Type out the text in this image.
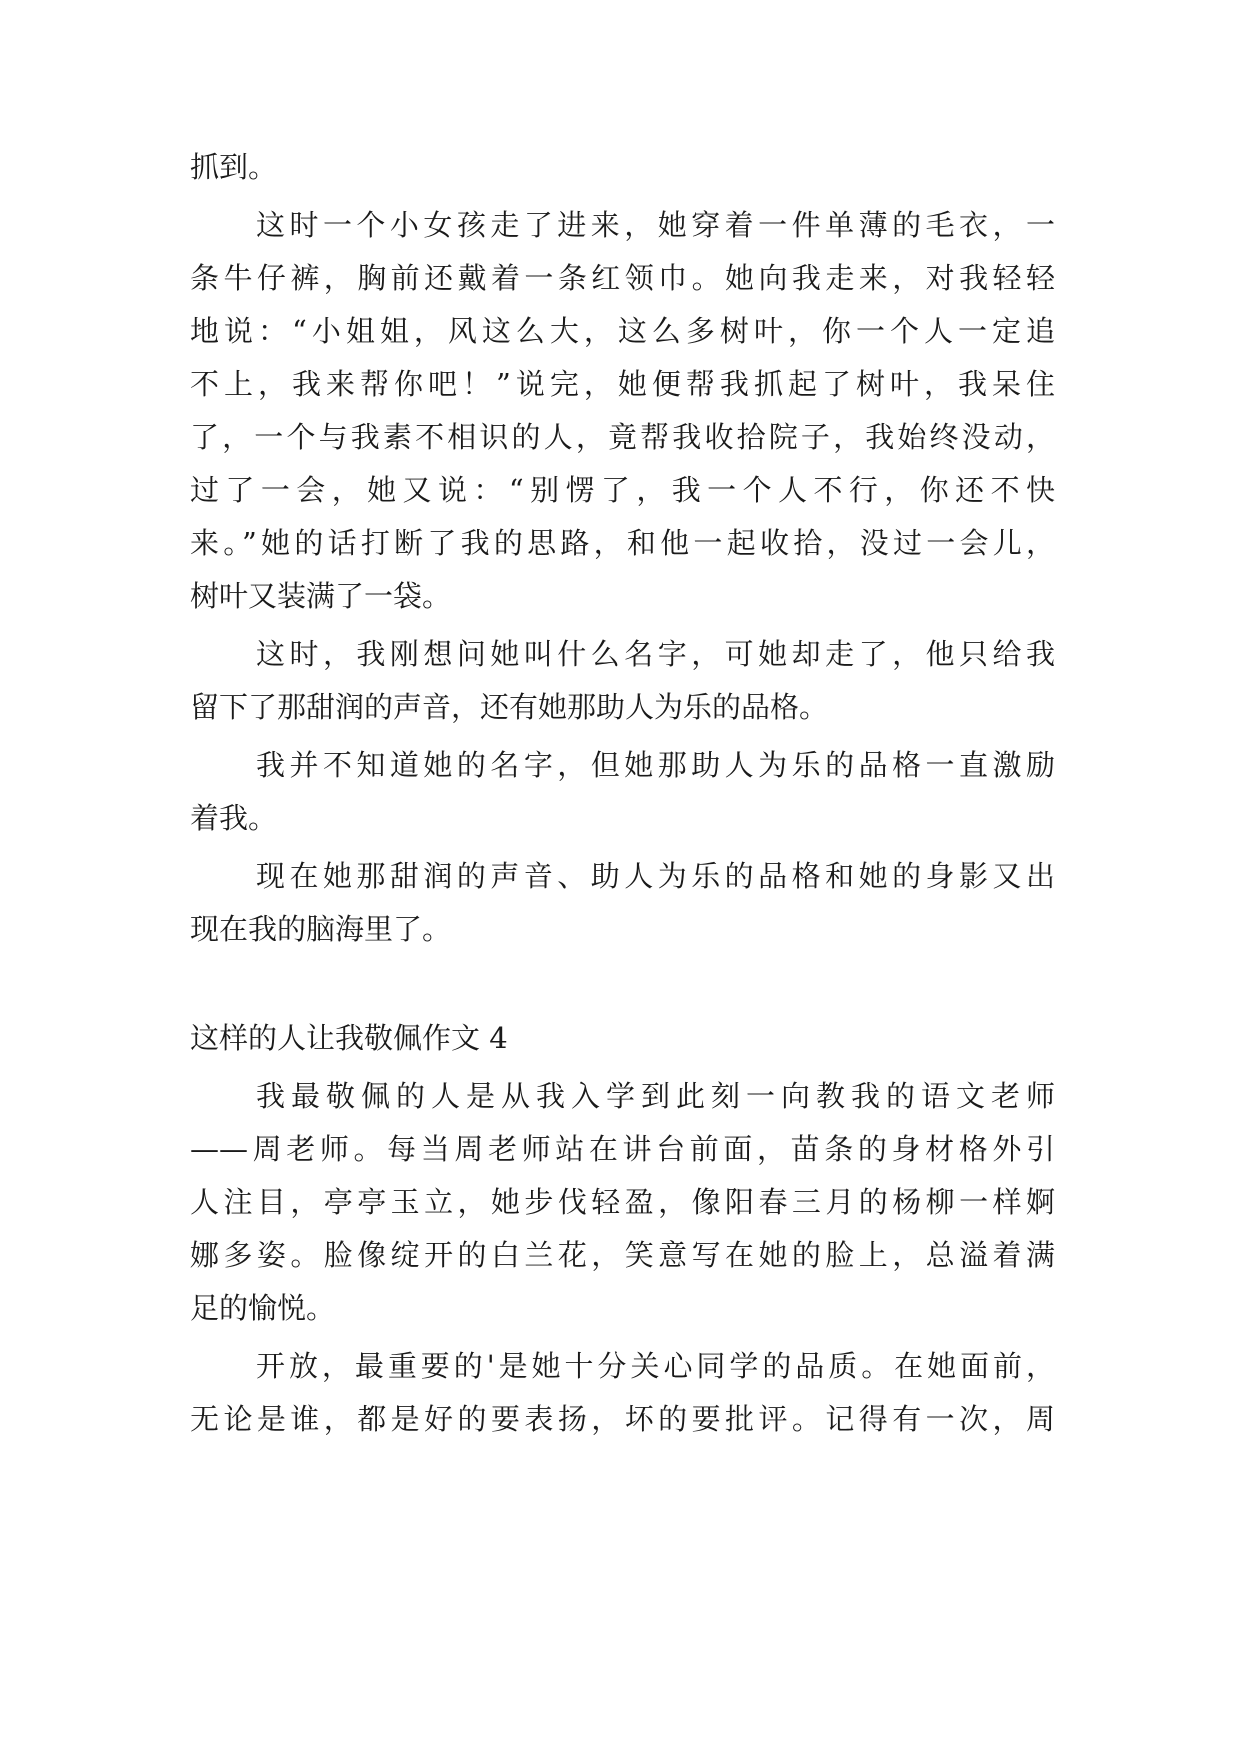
抓到。
这时一个小女孩走了进来，她穿着一件单薄的毛衣，一
条牛仔裤，胸前还戴着一条红领巾。她向我走来，对我轻轻
地说：“小姐姐，风这么大，这么多树叶，你一个人一定追
不上，我来帮你吧！”说完，她便帮我抓起了树叶，我呆住
了，一个与我素不相识的人，竟帮我收拾院子，我始终没动，
过了一会，她又说：“别愣了，我一个人不行，你还不快
来。”她的话打断了我的思路，和他一起收拾，没过一会儿，
树叶又装满了一袋。
这时，我刚想问她叫什么名字，可她却走了，他只给我
留下了那甜润的声音，还有她那助人为乐的品格。
我并不知道她的名字，但她那助人为乐的品格一直激励
着我。
现在她那甜润的声音、助人为乐的品格和她的身影又出
现在我的脑海里了。
这样的人让我敬佩作文 4
我最敬佩的人是从我入学到此刻一向教我的语文老师
——周老师。每当周老师站在讲台前面，苗条的身材格外引
人注目，亭亭玉立，她步伐轻盈，像阳春三月的杨柳一样婀
娜多姿。脸像绽开的白兰花，笑意写在她的脸上，总溢着满
足的愉悦。
开放，最重要的'是她十分关心同学的品质。在她面前，
无论是谁，都是好的要表扬，坏的要批评。记得有一次，周
